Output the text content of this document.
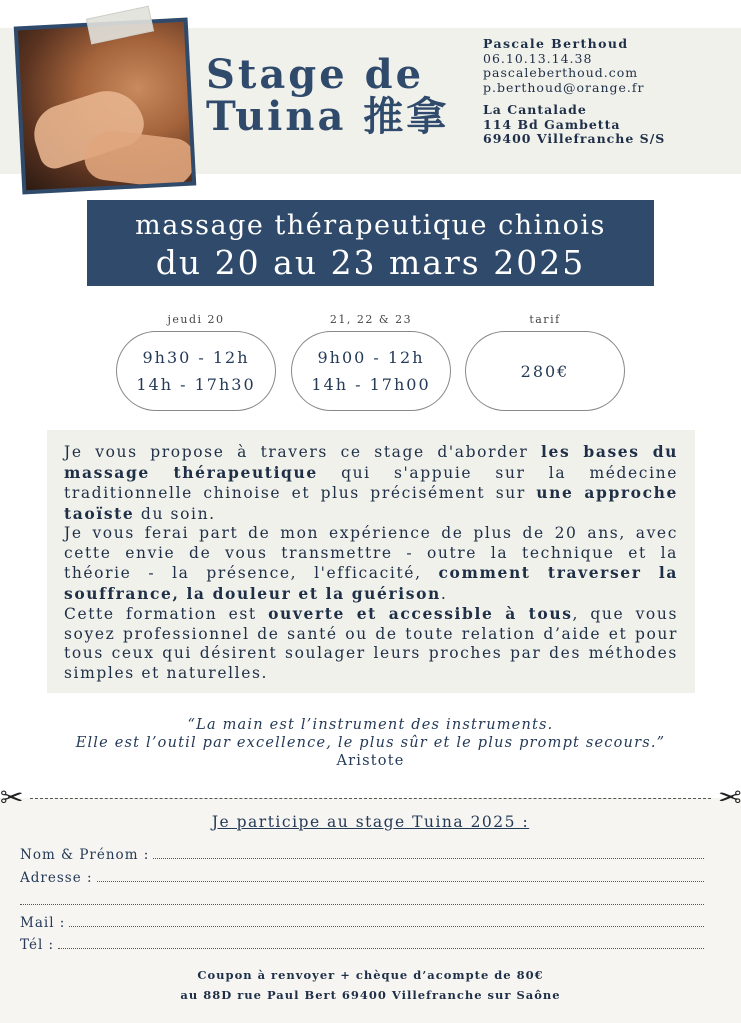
Stage de
Tuina 推拿
Pascale Berthoud
06.10.13.14.38
pascaleberthoud.com
p.berthoud@orange.fr
La Cantalade
114 Bd Gambetta
69400 Villefranche S/S
massage thérapeutique chinois
du 20 au 23 mars 2025
jeudi 20
9h30 - 12h
14h - 17h30
21, 22 & 23
9h00 - 12h
14h - 17h00
tarif
280€

Je vous propose à travers ce stage d'aborder les bases du massage thérapeutique qui s'appuie sur la médecine traditionnelle chinoise et plus précisément sur une approche taoïste du soin.

Je vous ferai part de mon expérience de plus de 20 ans, avec cette envie de vous transmettre - outre la technique et la théorie - la présence, l'efficacité, comment traverser la souffrance, la douleur et la guérison.

Cette formation est ouverte et accessible à tous, que vous soyez professionnel de santé ou de toute relation d’aide et pour tous ceux qui désirent soulager leurs proches par des méthodes simples et naturelles.

“La main est l’instrument des instruments.
Elle est l’outil par excellence, le plus sûr et le plus prompt secours.”
Aristote
✂	✂
Je participe au stage Tuina 2025 :
Nom & Prénom :
Adresse :
Mail :
Tél :
Coupon à renvoyer + chèque d’acompte de 80€
au 88D rue Paul Bert 69400 Villefranche sur Saône
